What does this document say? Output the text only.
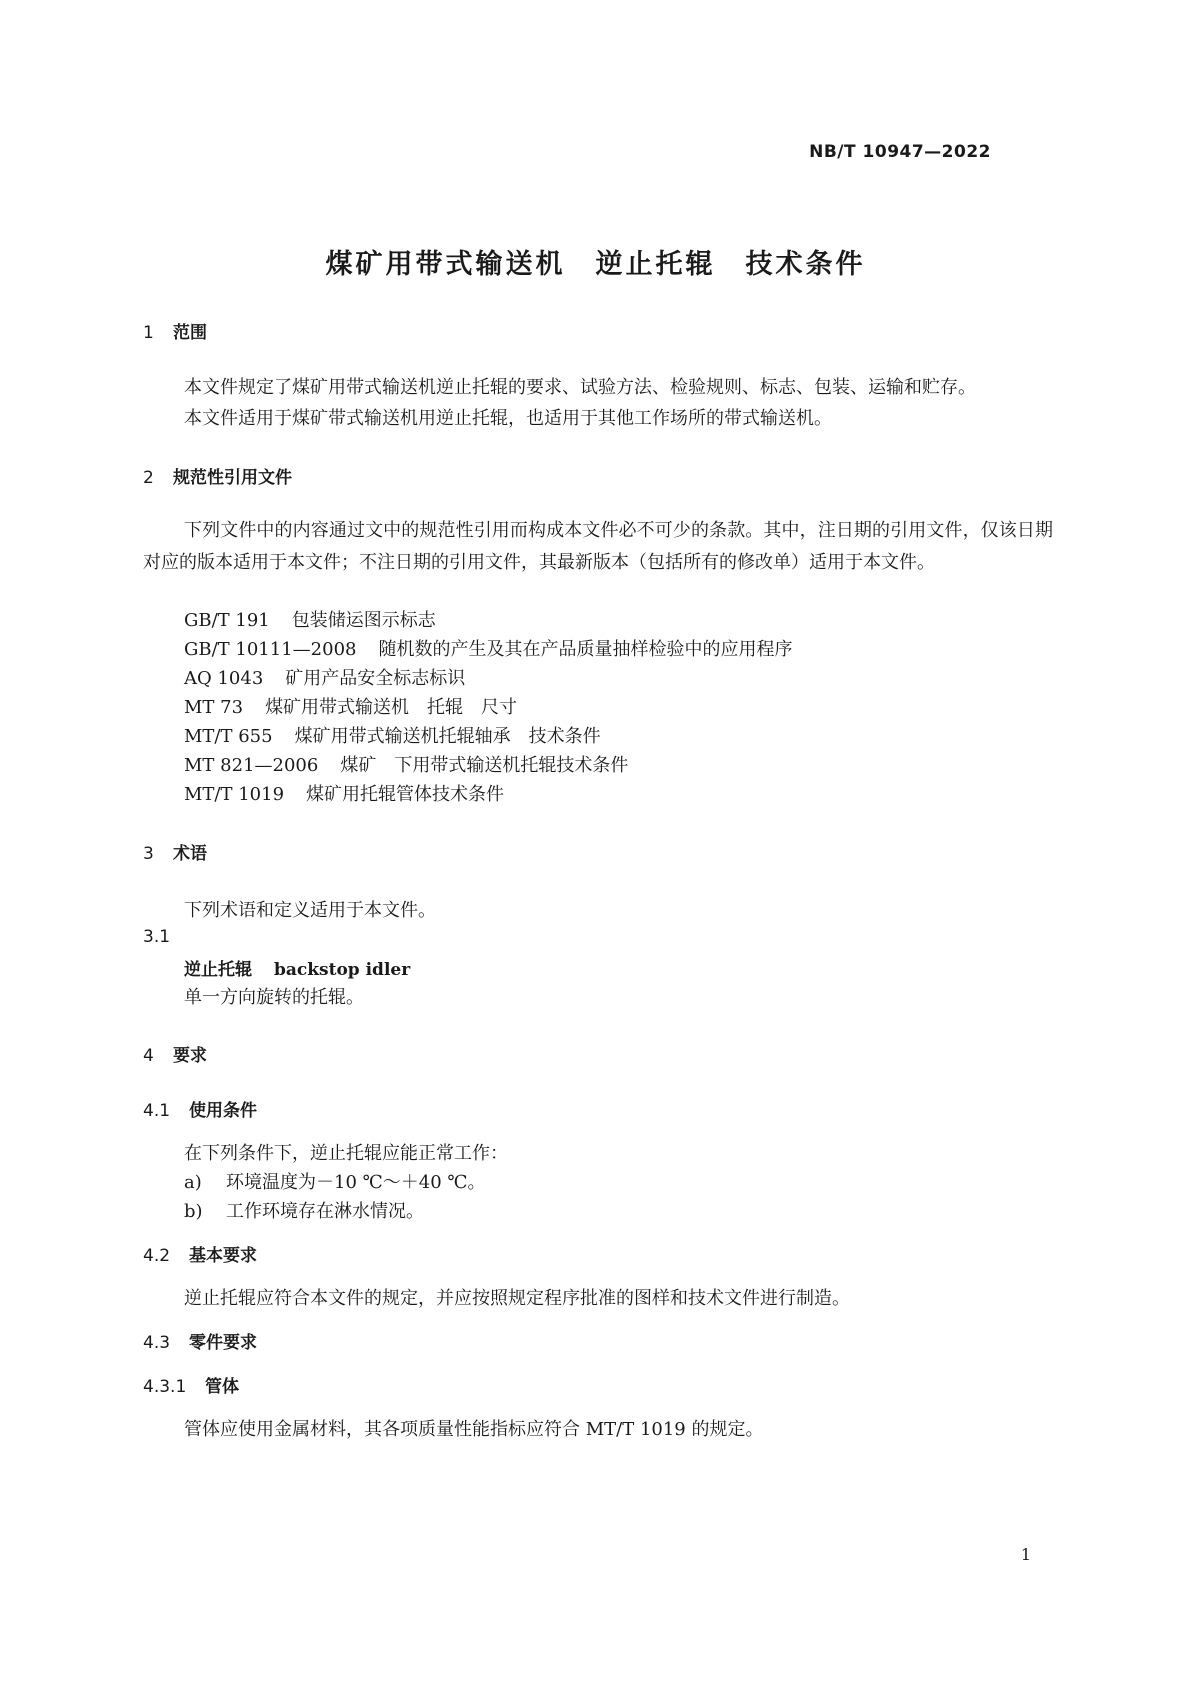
NB/T 10947—2022
煤矿用带式输送机　逆止托辊　技术条件
1 范围
本文件规定了煤矿用带式输送机逆止托辊的要求、试验方法、检验规则、标志、包装、运输和贮存。
本文件适用于煤矿带式输送机用逆止托辊，也适用于其他工作场所的带式输送机。
2 规范性引用文件
下列文件中的内容通过文中的规范性引用而构成本文件必不可少的条款。其中，注日期的引用文件，仅该日期对应的版本适用于本文件；不注日期的引用文件，其最新版本（包括所有的修改单）适用于本文件。
GB/T 191 包装储运图示标志
GB/T 10111—2008 随机数的产生及其在产品质量抽样检验中的应用程序
AQ 1043 矿用产品安全标志标识
MT 73 煤矿用带式输送机　托辊　尺寸
MT/T 655 煤矿用带式输送机托辊轴承　技术条件
MT 821—2006 煤矿　下用带式输送机托辊技术条件
MT/T 1019 煤矿用托辊管体技术条件
3 术语
下列术语和定义适用于本文件。
3.1
逆止托辊 backstop idler
单一方向旋转的托辊。
4 要求
4.1 使用条件
在下列条件下，逆止托辊应能正常工作：
a) 环境温度为－10 ℃～＋40 ℃。
b) 工作环境存在淋水情况。
4.2 基本要求
逆止托辊应符合本文件的规定，并应按照规定程序批准的图样和技术文件进行制造。
4.3 零件要求
4.3.1 管体
管体应使用金属材料，其各项质量性能指标应符合 MT/T 1019 的规定。
1
